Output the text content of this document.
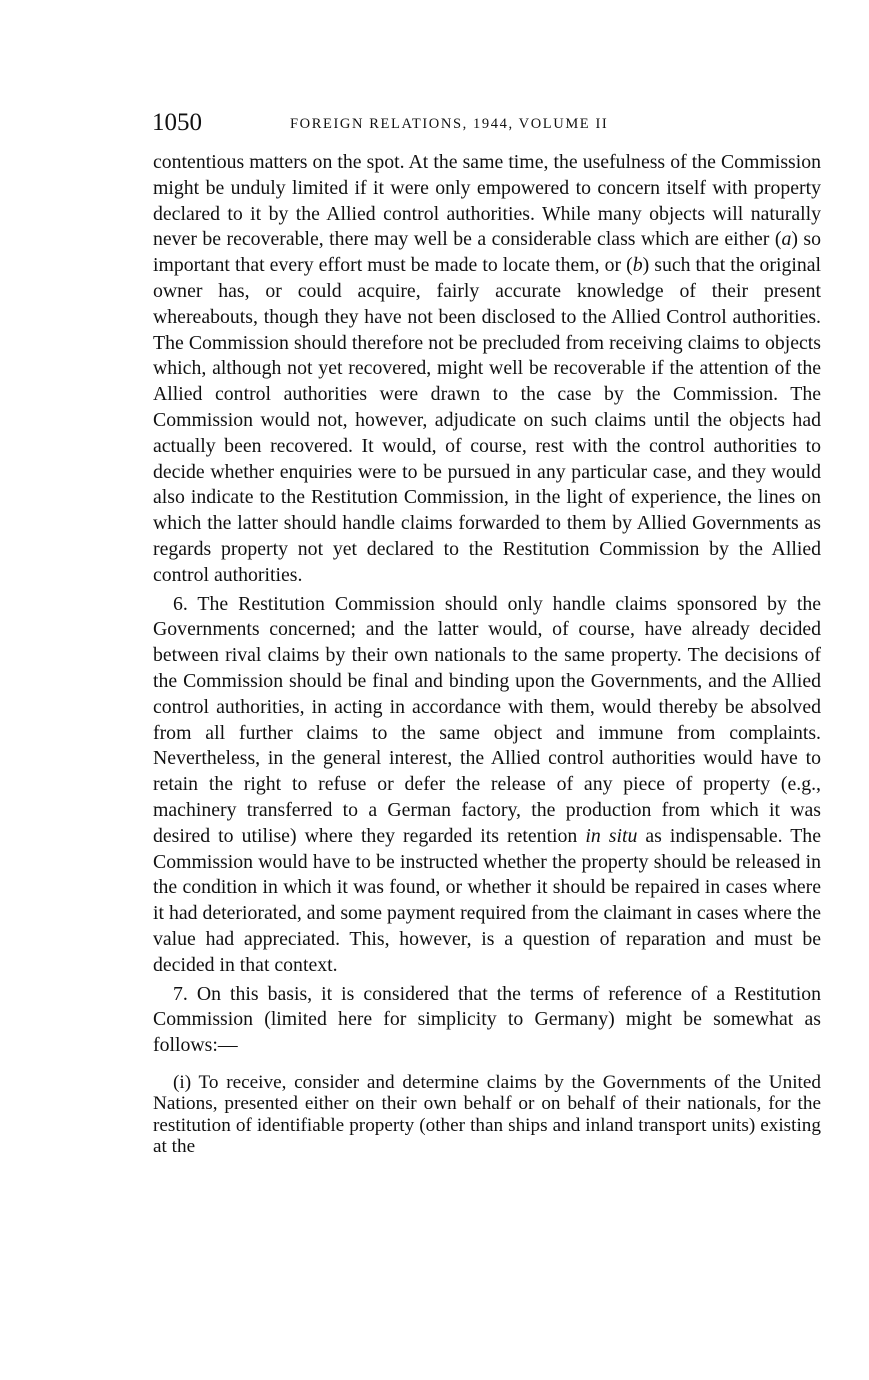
1050	FOREIGN RELATIONS, 1944, VOLUME II

contentious matters on the spot. At the same time, the usefulness of the Commission might be unduly limited if it were only empowered to concern itself with property declared to it by the Allied control authorities. While many objects will naturally never be recoverable, there may well be a considerable class which are either (a) so important that every effort must be made to locate them, or (b) such that the original owner has, or could acquire, fairly accurate knowledge of their present whereabouts, though they have not been disclosed to the Allied Control authorities. The Commission should therefore not be precluded from receiving claims to objects which, although not yet recovered, might well be recoverable if the attention of the Allied control authorities were drawn to the case by the Commission. The Commission would not, however, adjudicate on such claims until the objects had actually been recovered. It would, of course, rest with the control authorities to decide whether enquiries were to be pursued in any particular case, and they would also indicate to the Restitution Commission, in the light of experience, the lines on which the latter should handle claims forwarded to them by Allied Governments as regards property not yet declared to the Restitution Commission by the Allied control authorities.

6. The Restitution Commission should only handle claims sponsored by the Governments concerned; and the latter would, of course, have already decided between rival claims by their own nationals to the same property. The decisions of the Commission should be final and binding upon the Governments, and the Allied control authorities, in acting in accordance with them, would thereby be absolved from all further claims to the same object and immune from complaints. Nevertheless, in the general interest, the Allied control authorities would have to retain the right to refuse or defer the release of any piece of property (e.g., machinery transferred to a German factory, the production from which it was desired to utilise) where they regarded its retention in situ as indispensable. The Commission would have to be instructed whether the property should be released in the condition in which it was found, or whether it should be repaired in cases where it had deteriorated, and some payment required from the claimant in cases where the value had appreciated. This, however, is a question of reparation and must be decided in that context.

7. On this basis, it is considered that the terms of reference of a Restitution Commission (limited here for simplicity to Germany) might be somewhat as follows:—

(i) To receive, consider and determine claims by the Governments of the United Nations, presented either on their own behalf or on behalf of their nationals, for the restitution of identifiable property (other than ships and inland transport units) existing at the
